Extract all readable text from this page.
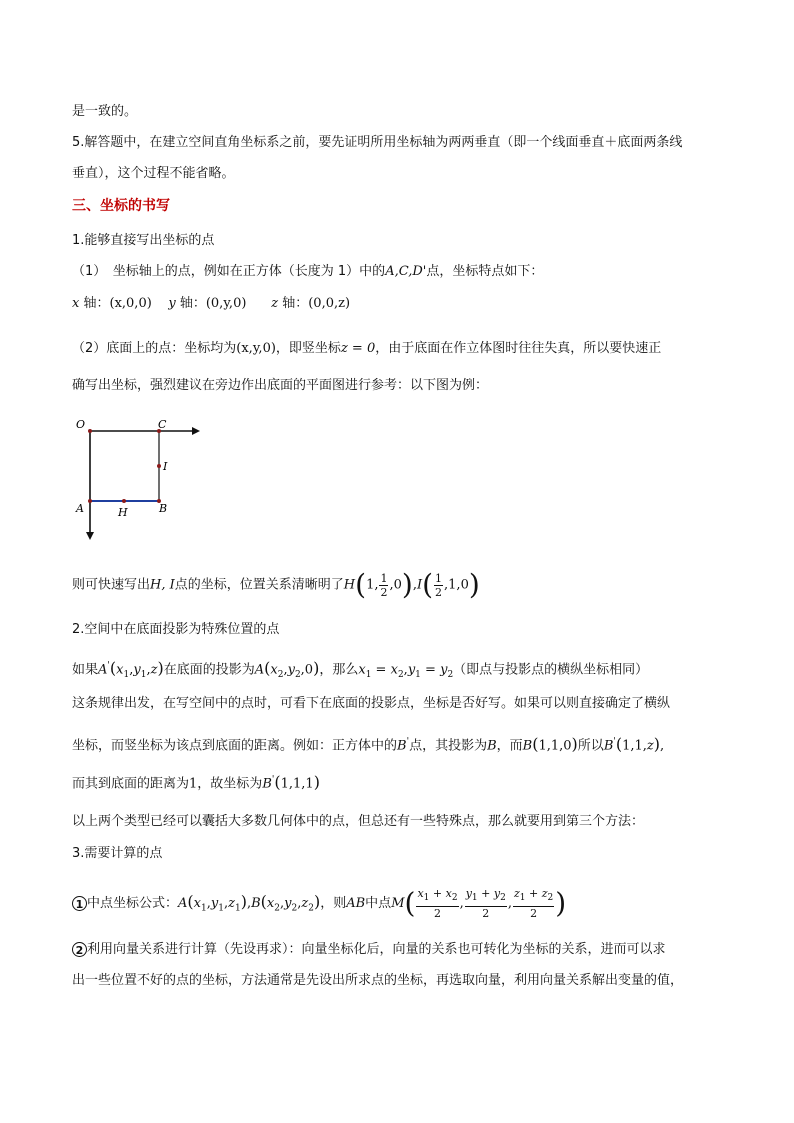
是一致的。
5.解答题中，在建立空间直角坐标系之前，要先证明所用坐标轴为两两垂直（即一个线面垂直＋底面两条线
垂直），这个过程不能省略。
三、坐标的书写
1.能够直接写出坐标的点
（1）　坐标轴上的点，例如在正方体（长度为 1）中的A,C,D'点，坐标特点如下：
x 轴：(x,0,0) y 轴：(0,y,0) z 轴：(0,0,z)
（2）底面上的点：坐标均为(x,y,0)，即竖坐标z = 0，由于底面在作立体图时往往失真，所以要快速正
确写出坐标，强烈建议在旁边作出底面的平面图进行参考：以下图为例：
O	C
I
A	H	B
则可快速写出H, I点的坐标，位置关系清晰明了H(1, $\frac{1}{2} ,0),I( \frac{1}{2} ,1,0)$
2.空间中在底面投影为特殊位置的点
如果$A'(x_1,y_1,z)$在底面的投影为$A(x_2,y_2,0)$，那么$x_1 = x_2,y_1 = y_2$（即点与投影点的横纵坐标相同）
这条规律出发，在写空间中的点时，可看下在底面的投影点，坐标是否好写。如果可以则直接确定了横纵
坐标，而竖坐标为该点到底面的距离。例如：正方体中的B'点，其投影为B，而B(1,1,0)所以B'(1,1,z),
而其到底面的距离为1，故坐标为B'(1,1,1)
以上两个类型已经可以囊括大多数几何体中的点，但总还有一些特殊点，那么就要用到第三个方法：
3.需要计算的点
1 中点坐标公式：$A(x_1,y_1,z_1),B(x_2,y_2,z_2)$，则AB中点$M( \frac{x_1 + x_2}{2}$ , $\frac{y_1 + y_2}{2}$ , $\frac{z_1 + z_2}{2}$ )
2 利用向量关系进行计算（先设再求）：向量坐标化后，向量的关系也可转化为坐标的关系，进而可以求
出一些位置不好的点的坐标，方法通常是先设出所求点的坐标，再选取向量，利用向量关系解出变量的值，
